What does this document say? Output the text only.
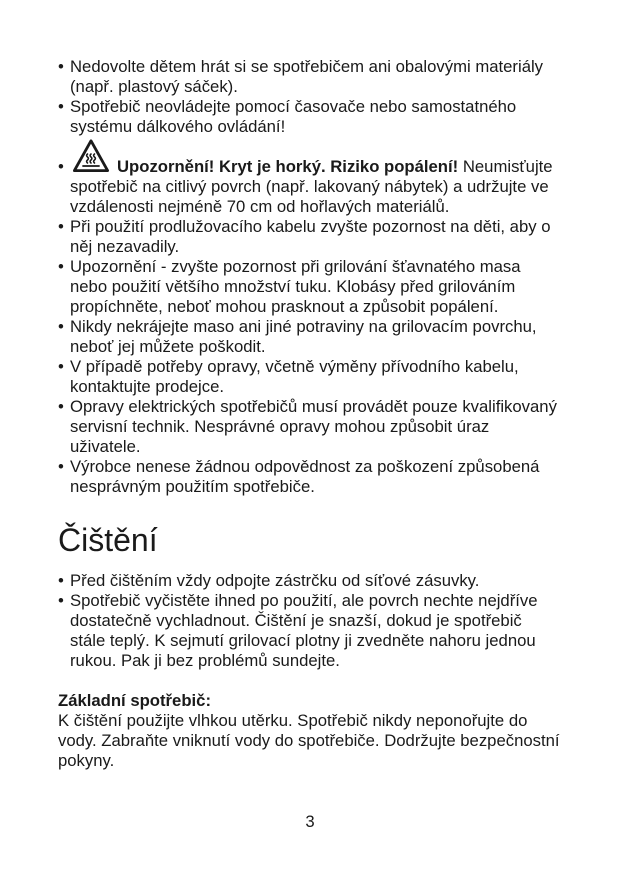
• Nedovolte dětem hrát si se spotřebičem ani obalovými materiály
(např. plastový sáček).
• Spotřebič neovládejte pomocí časovače nebo samostatného
systému dálkového ovládání!
•	Upozornění! Kryt je horký. Riziko popálení! Neumisťujte
spotřebič na citlivý povrch (např. lakovaný nábytek) a udržujte ve
vzdálenosti nejméně 70 cm od hořlavých materiálů.
• Při použití prodlužovacího kabelu zvyšte pozornost na děti, aby o
něj nezavadily.
• Upozornění - zvyšte pozornost při grilování šťavnatého masa
nebo použití většího množství tuku. Klobásy před grilováním
propíchněte, neboť mohou prasknout a způsobit popálení.
• Nikdy nekrájejte maso ani jiné potraviny na grilovacím povrchu,
neboť jej můžete poškodit.
• V případě potřeby opravy, včetně výměny přívodního kabelu,
kontaktujte prodejce.
• Opravy elektrických spotřebičů musí provádět pouze kvalifikovaný
servisní technik. Nesprávné opravy mohou způsobit úraz
uživatele.
• Výrobce nenese žádnou odpovědnost za poškození způsobená
nesprávným použitím spotřebiče.
Čištění
• Před čištěním vždy odpojte zástrčku od síťové zásuvky.
• Spotřebič vyčistěte ihned po použití, ale povrch nechte nejdříve
dostatečně vychladnout. Čištění je snazší, dokud je spotřebič
stále teplý. K sejmutí grilovací plotny ji zvedněte nahoru jednou
rukou. Pak ji bez problémů sundejte.
Základní spotřebič:
K čištění použijte vlhkou utěrku. Spotřebič nikdy neponořujte do
vody. Zabraňte vniknutí vody do spotřebiče. Dodržujte bezpečnostní
pokyny.
3
